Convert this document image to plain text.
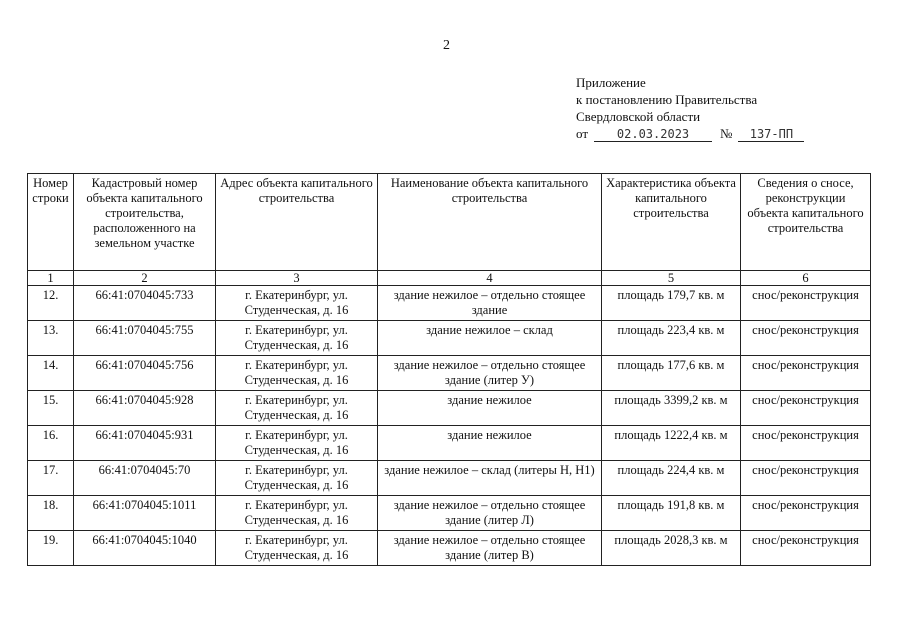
2
Приложение
к постановлению Правительства
Свердловской области
от 02.03.2023 № 137-ПП
Номер строки	Кадастровый номер объекта капитального строительства, расположенного на земельном участке	Адрес объекта капитального строительства	Наименование объекта капитального строительства	Характеристика объекта капитального строительства	Сведения о сносе, реконструкции объекта капитального строительства
1	2	3	4	5	6
12.	66:41:0704045:733	г. Екатеринбург, ул. Студенческая, д. 16	здание нежилое – отдельно стоящее здание	площадь 179,7 кв. м	снос/реконструкция
13.	66:41:0704045:755	г. Екатеринбург, ул. Студенческая, д. 16	здание нежилое – склад	площадь 223,4 кв. м	снос/реконструкция
14.	66:41:0704045:756	г. Екатеринбург, ул. Студенческая, д. 16	здание нежилое – отдельно стоящее здание (литер У)	площадь 177,6 кв. м	снос/реконструкция
15.	66:41:0704045:928	г. Екатеринбург, ул. Студенческая, д. 16	здание нежилое	площадь 3399,2 кв. м	снос/реконструкция
16.	66:41:0704045:931	г. Екатеринбург, ул. Студенческая, д. 16	здание нежилое	площадь 1222,4 кв. м	снос/реконструкция
17.	66:41:0704045:70	г. Екатеринбург, ул. Студенческая, д. 16	здание нежилое – склад (литеры Н, Н1)	площадь 224,4 кв. м	снос/реконструкция
18.	66:41:0704045:1011	г. Екатеринбург, ул. Студенческая, д. 16	здание нежилое – отдельно стоящее здание (литер Л)	площадь 191,8 кв. м	снос/реконструкция
19.	66:41:0704045:1040	г. Екатеринбург, ул. Студенческая, д. 16	здание нежилое – отдельно стоящее здание (литер В)	площадь 2028,3 кв. м	снос/реконструкция
